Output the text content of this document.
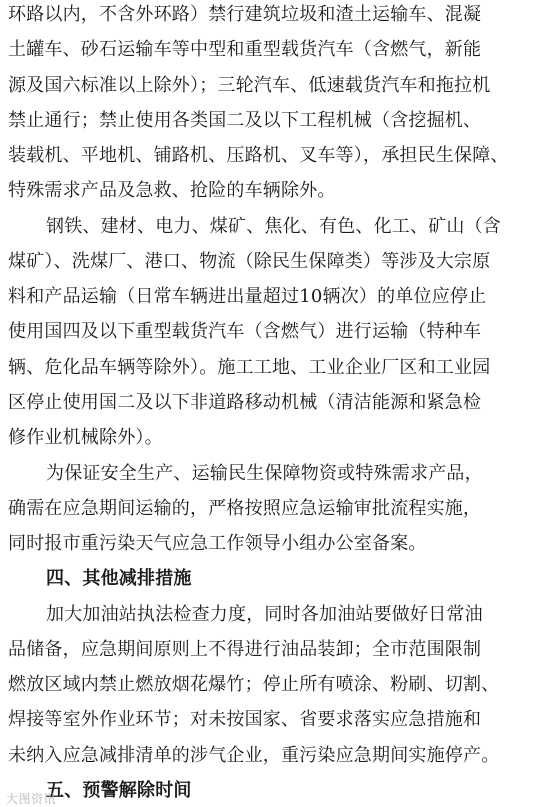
环路以内，不含外环路）禁行建筑垃圾和渣土运输车、混凝
土罐车、砂石运输车等中型和重型载货汽车（含燃气，新能
源及国六标准以上除外）；三轮汽车、低速载货汽车和拖拉机
禁止通行；禁止使用各类国二及以下工程机械（含挖掘机、
装载机、平地机、铺路机、压路机、叉车等），承担民生保障、
特殊需求产品及急救、抢险的车辆除外。
钢铁、建材、电力、煤矿、焦化、有色、化工、矿山（含
煤矿）、洗煤厂、港口、物流（除民生保障类）等涉及大宗原
料和产品运输（日常车辆进出量超过10辆次）的单位应停止
使用国四及以下重型载货汽车（含燃气）进行运输（特种车
辆、危化品车辆等除外）。施工工地、工业企业厂区和工业园
区停止使用国二及以下非道路移动机械（清洁能源和紧急检
修作业机械除外）。
为保证安全生产、运输民生保障物资或特殊需求产品，
确需在应急期间运输的，严格按照应急运输审批流程实施，
同时报市重污染天气应急工作领导小组办公室备案。
四、其他减排措施
加大加油站执法检查力度，同时各加油站要做好日常油
品储备，应急期间原则上不得进行油品装卸；全市范围限制
燃放区域内禁止燃放烟花爆竹；停止所有喷涂、粉刷、切割、
焊接等室外作业环节；对未按国家、省要求落实应急措施和
未纳入应急减排清单的涉气企业，重污染应急期间实施停产。
五、预警解除时间
大图资讯
